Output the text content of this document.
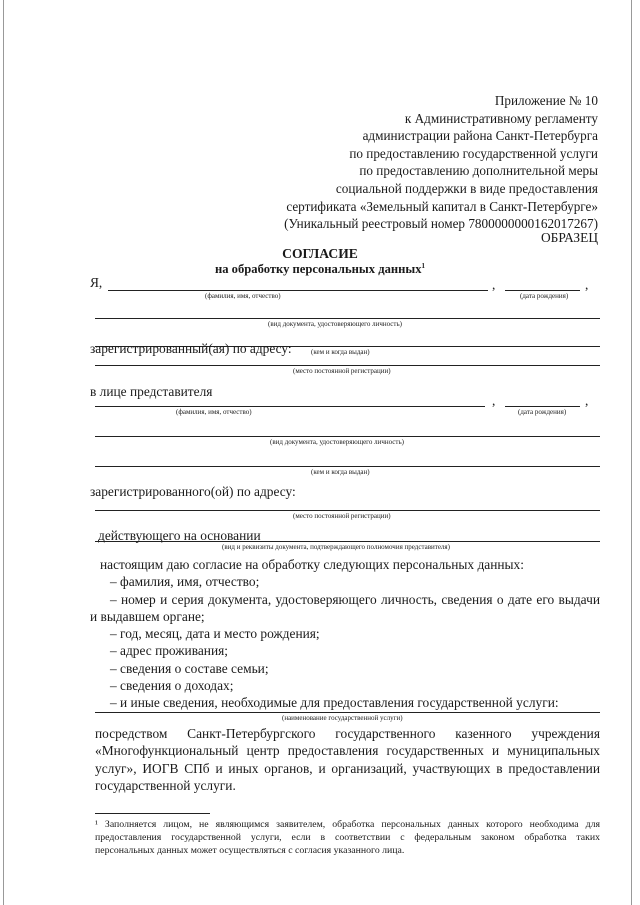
Приложение № 10
к Административному регламенту
администрации района Санкт-Петербурга
по предоставлению государственной услуги
по предоставлению дополнительной меры
социальной поддержки в виде предоставления
сертификата «Земельный капитал в Санкт-Петербурге»
(Уникальный реестровый номер 7800000000162017267)
ОБРАЗЕЦ
СОГЛАСИЕ
на обработку персональных данных$^1$
Я,	,	,
(фамилия, имя, отчество)	(дата рождения)
(вид документа, удостоверяющего личность)
(кем и когда выдан)
зарегистрированный(ая) по адресу:
(место постоянной регистрации)
в лице представителя
,	,
(фамилия, имя, отчество)	(дата рождения)
(вид документа, удостоверяющего личность)
(кем и когда выдан)
зарегистрированного(ой) по адресу:
(место постоянной регистрации)
действующего на основании
(вид и реквизиты документа, подтверждающего полномочия представителя)
настоящим даю согласие на обработку следующих персональных данных:
– фамилия, имя, отчество;
– номер и серия документа, удостоверяющего личность, сведения о дате его выдачи
и выдавшем органе;
– год, месяц, дата и место рождения;
– адрес проживания;
– сведения о составе семьи;
– сведения о доходах;
– и иные сведения, необходимые для предоставления государственной услуги:
(наименование государственной услуги)
посредством Санкт-Петербургского государственного казенного учреждения
«Многофункциональный центр предоставления государственных и муниципальных
услуг», ИОГВ СПб и иных органов, и организаций, участвующих в предоставлении
государственной услуги.
¹ Заполняется лицом, не являющимся заявителем, обработка персональных данных которого необходима для
предоставления государственной услуги, если в соответствии с федеральным законом обработка таких
персональных данных может осуществляться с согласия указанного лица.
